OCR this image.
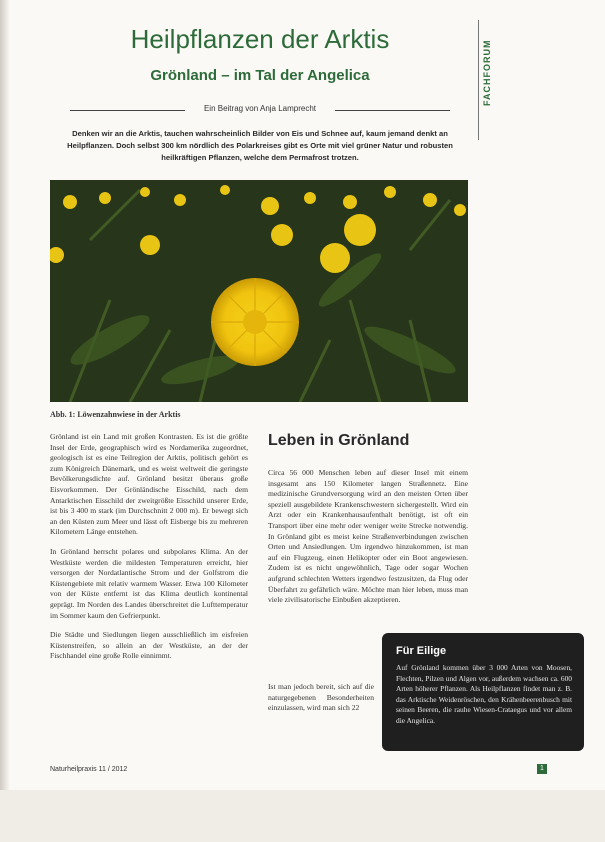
FACHFORUM
Heilpflanzen der Arktis
Grönland – im Tal der Angelica
Ein Beitrag von Anja Lamprecht
Denken wir an die Arktis, tauchen wahrscheinlich Bilder von Eis und Schnee auf, kaum jemand denkt an Heilpflanzen. Doch selbst 300 km nördlich des Polarkreises gibt es Orte mit viel grüner Natur und robusten heilkräftigen Pflanzen, welche dem Permafrost trotzen.
Abb. 1: Löwenzahnwiese in der Arktis

Grönland ist ein Land mit großen Kontrasten. Es ist die größte Insel der Erde, geographisch wird es Nordamerika zugeordnet, geologisch ist es eine Teilregion der Arktis, politisch gehört es zum Königreich Dänemark, und es weist weltweit die geringste Bevölkerungsdichte auf. Grönland besitzt überaus große Eisvorkommen. Der Grönländische Eisschild, nach dem Antarktischen Eisschild der zweitgrößte Eisschild unserer Erde, ist bis 3 400 m stark (im Durchschnitt 2 000 m). Er bewegt sich an den Küsten zum Meer und lässt oft Eisberge bis zu mehreren Kilometern Länge entstehen.

In Grönland herrscht polares und subpolares Klima. An der Westküste werden die mildesten Temperaturen erreicht, hier versorgen der Nordatlantische Strom und der Golfstrom die Küstengebiete mit relativ warmem Wasser. Etwa 100 Kilometer von der Küste entfernt ist das Klima deutlich kontinental geprägt. Im Norden des Landes überschreitet die Lufttemperatur im Sommer kaum den Gefrierpunkt.

Die Städte und Siedlungen liegen ausschließlich im eisfreien Küstenstreifen, so allein an der Westküste, an der der Fischhandel eine große Rolle einnimmt.

Leben in Grönland

Circa 56 000 Menschen leben auf dieser Insel mit einem insgesamt ans 150 Kilometer langen Straßennetz. Eine medizinische Grundversorgung wird an den meisten Orten über speziell ausgebildete Krankenschwestern sichergestellt. Wird ein Arzt oder ein Krankenhausaufenthalt benötigt, ist oft ein Transport über eine mehr oder weniger weite Strecke notwendig. In Grönland gibt es meist keine Straßenverbindungen zwischen Orten und Ansiedlungen. Um irgendwo hinzukommen, ist man auf ein Flugzeug, einen Helikopter oder ein Boot angewiesen. Zudem ist es nicht ungewöhnlich, Tage oder sogar Wochen aufgrund schlechten Wetters irgendwo festzusitzen, da Flug oder Überfahrt zu gefährlich wäre. Möchte man hier leben, muss man viele zivilisatorische Einbußen akzeptieren.

Ist man jedoch bereit, sich auf die naturgegebenen Besonderheiten einzulassen, wird man sich 22

Für Eilige
Auf Grönland kommen über 3 000 Arten von Moosen, Flechten, Pilzen und Algen vor, außerdem wachsen ca. 600 Arten höherer Pflanzen. Als Heilpflanzen findet man z. B. das Arktische Weidenröschen, den Krähenbeerenbusch mit seinen Beeren, die rauhe Wiesen-Crataegus und vor allem die Angelica.
Naturheilpraxis 11 / 2012	1
